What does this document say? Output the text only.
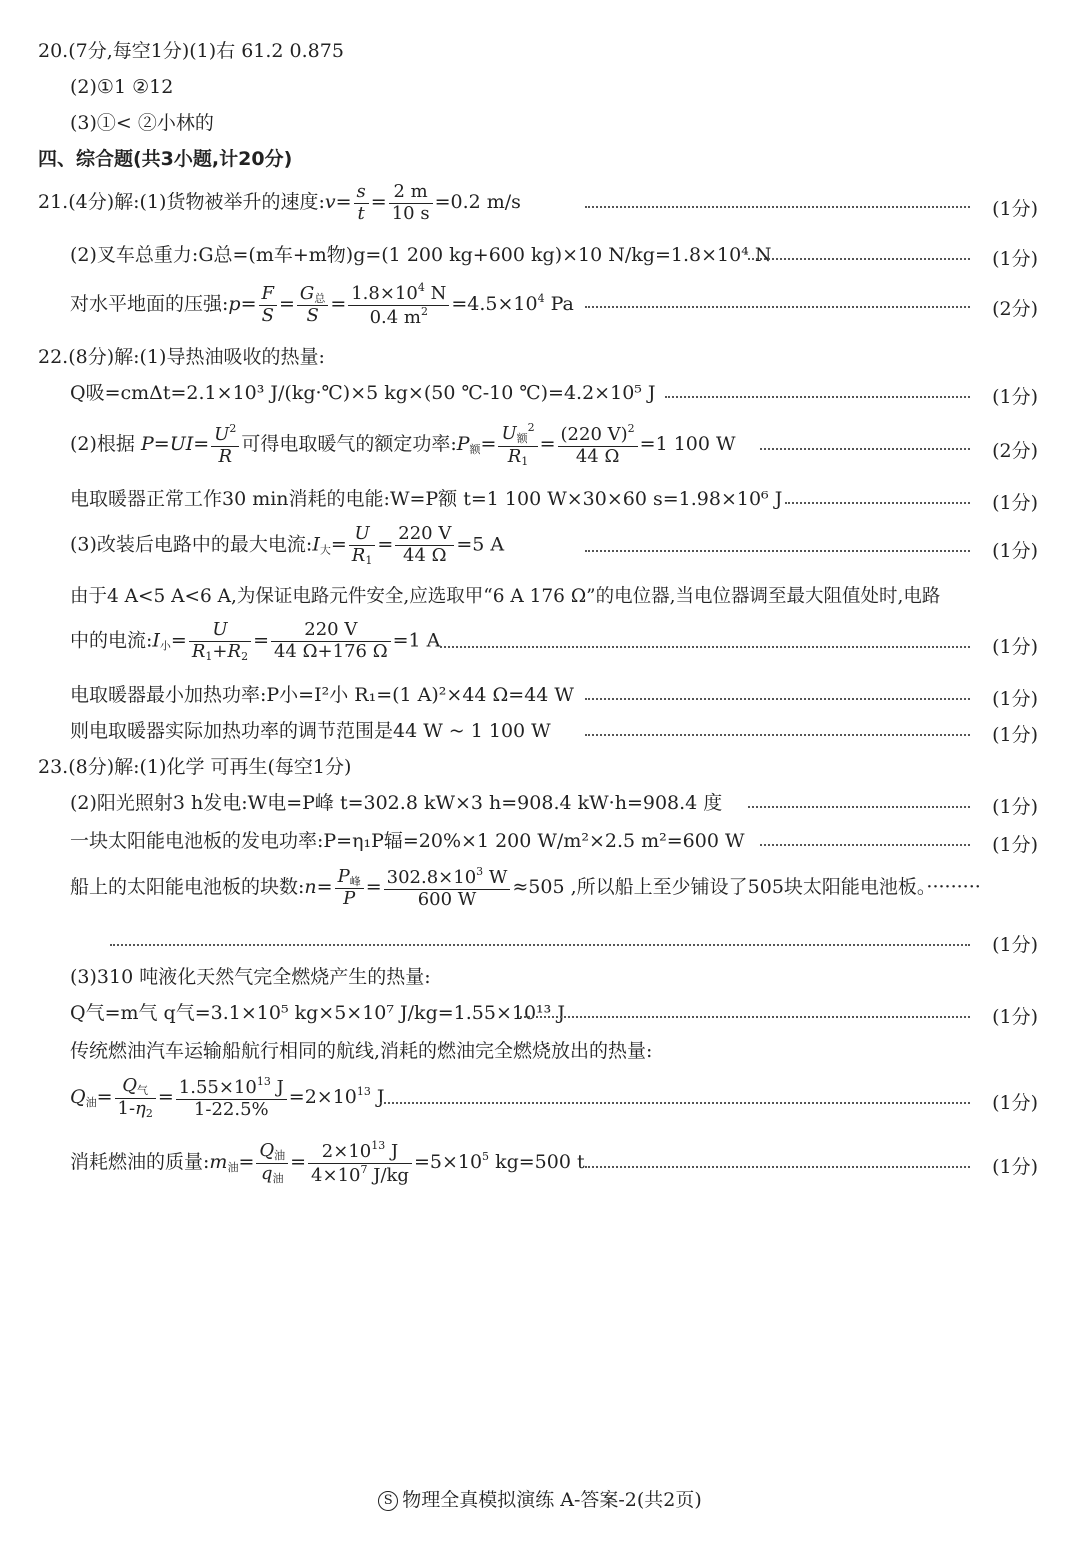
20.(7分,每空1分)(1)右 61.2 0.875
(2)①1 ②12
(3)①< ②小林的
四、综合题(共3小题,计20分)
21.(4分)解:(1)货物被举升的速度:v= $\frac{s}{t} = \frac{2 m}{10 s} =0.2$ m/s	(1分)
(2)叉车总重力:G总=(m车+m物)g=(1 200 kg+600 kg)×10 N/kg=1.8×10⁴ N	(1分)
对水平地面的压强:p= $\frac{F}{S}$ =
$G_总$
S
= $\frac{1.8\times 10^4 N}{0.4 m^2} =4.5\times 10^4$ Pa	(2分)
22.(8分)解:(1)导热油吸收的热量:
Q吸=cmΔt=2.1×10³ J/(kg·℃)×5 kg×(50 ℃-10 ℃)=4.2×10⁵ J	(1分)
(2)根据 $P=UI= \frac{U^2}{R}$ 可得电取暖气的额定功率$:P_额= U_额^2$
$R_1$
= $\frac{(220 V)^2}{44 \Omega} =1$ 100 W	(2分)
电取暖器正常工作30 min消耗的电能:W=P额 t=1 100 W×30×60 s=1.98×10⁶ J	(1分)
(3)改装后电路中的最大电流$:I_大= \frac{U}{R_1} = \frac{220 V}{44 \Omega} =5$ A	(1分)
由于4 A<5 A<6 A,为保证电路元件安全,应选取甲“6 A 176 Ω”的电位器,当电位器调至最大阻值处时,电路
中的电流$:I_小= \frac{U}{R_1+R_2} = \frac{220 V}{44 \Omega+176 \Omega} =1$ A	(1分)
电取暖器最小加热功率:P小=I²小 R₁=(1 A)²×44 Ω=44 W	(1分)
则电取暖器实际加热功率的调节范围是44 W ~ 1 100 W	(1分)
23.(8分)解:(1)化学 可再生(每空1分)
(2)阳光照射3 h发电:W电=P峰 t=302.8 kW×3 h=908.4 kW·h=908.4 度	(1分)
一块太阳能电池板的发电功率:P=η₁P辐=20%×1 200 W/m²×2.5 m²=600 W	(1分)
船上的太阳能电池板的块数:n=
$P_峰$
P
= $\frac{302.8\times 10^3 W}{600 W} \approx 505$ ,所以船上至少铺设了505块太阳能电池板。·········
(1分)
(3)310 吨液化天然气完全燃烧产生的热量:
Q气=m气 q气=3.1×10⁵ kg×5×10⁷ J/kg=1.55×10¹³ J	(1分)
传统燃油汽车运输船航行相同的航线,消耗的燃油完全燃烧放出的热量:
$Q_油=$
$Q_气$
$1-\eta_2$
= $\frac{1.55\times 10^{13} J}{1-22.5\%} =2\times 10^{13}$ J	(1分)
消耗燃油的质量$:m_油=$
$Q_油$
$q_油$
= $\frac{2\times 10^{13} J}{4\times 10^7 J/kg} =5\times 10^5$ kg=500 t	(1分)
S 物理全真模拟演练 A-答案-2(共2页)
